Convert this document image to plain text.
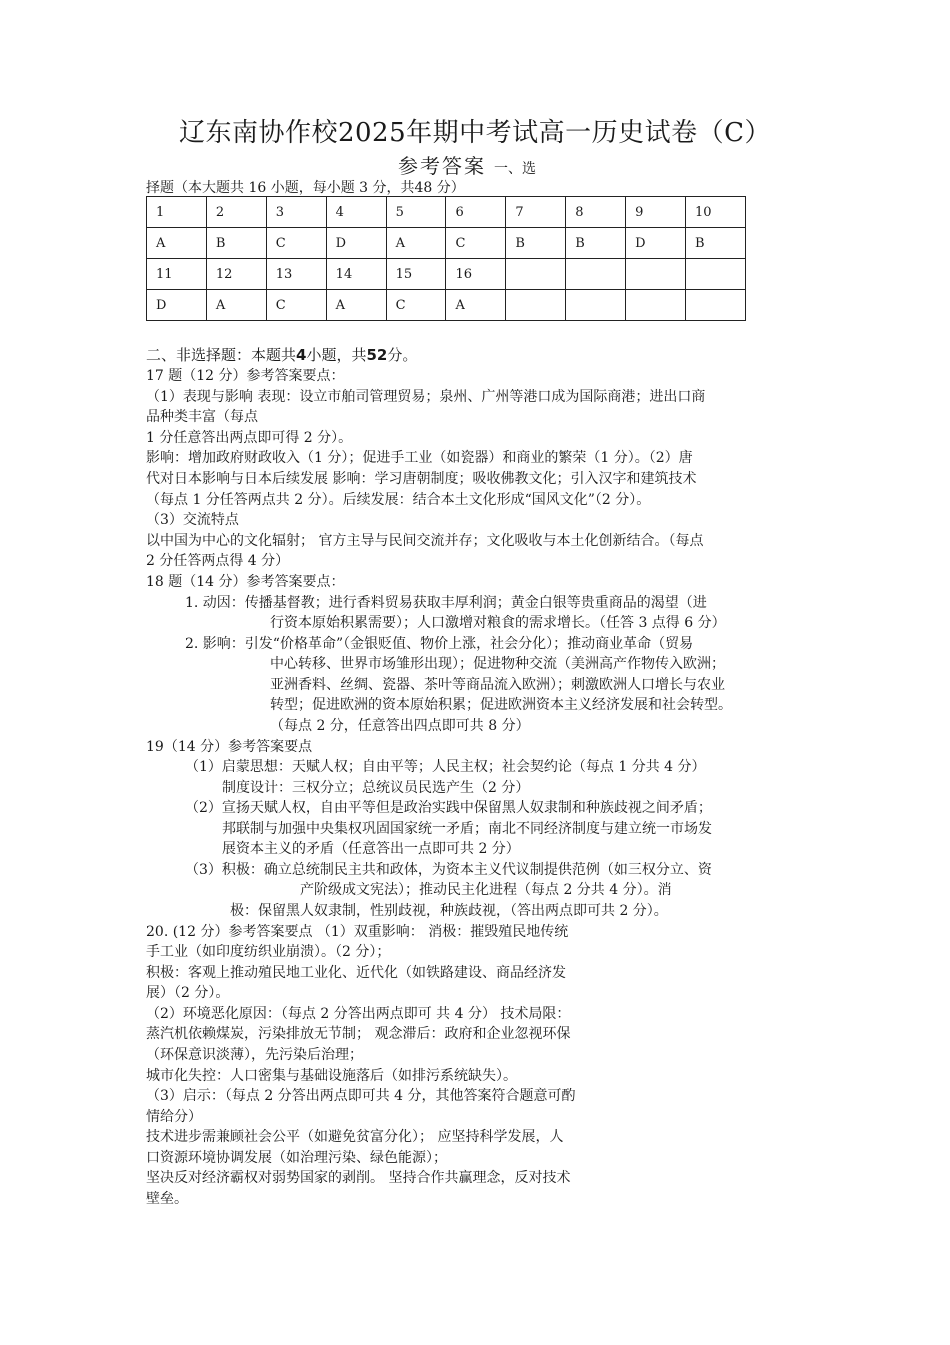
辽东南协作校2025年期中考试高一历史试卷（C）
参考答案 一、选
择题（本大题共 16 小题，每小题 3 分，共48 分）
1	2	3	4	5	6	7	8	9	10
A	B	C	D	A	C	B	B	D	B
11	12	13	14	15	16				
D	A	C	A	C	A				
二、非选择题：本题共4小题，共52分。
17 题（12 分）参考答案要点：
（1）表现与影响 表现：设立市舶司管理贸易；泉州、广州等港口成为国际商港；进出口商
品种类丰富（每点
1 分任意答出两点即可得 2 分）。
影响：增加政府财政收入（1 分）；促进手工业（如瓷器）和商业的繁荣（1 分）。（2）唐
代对日本影响与日本后续发展 影响：学习唐朝制度；吸收佛教文化；引入汉字和建筑技术
（每点 1 分任答两点共 2 分）。后续发展：结合本土文化形成“国风文化”（2 分）。
（3）交流特点
以中国为中心的文化辐射； 官方主导与民间交流并存；文化吸收与本土化创新结合。（每点
2 分任答两点得 4 分）
18 题（14 分）参考答案要点：
1. 动因：传播基督教；进行香料贸易获取丰厚利润；黄金白银等贵重商品的渴望（进
行资本原始积累需要）；人口激增对粮食的需求增长。（任答 3 点得 6 分）
2. 影响：引发“价格革命”（金银贬值、物价上涨，社会分化）；推动商业革命（贸易
中心转移、世界市场雏形出现）；促进物种交流（美洲高产作物传入欧洲；
亚洲香料、丝绸、瓷器、茶叶等商品流入欧洲）；刺激欧洲人口增长与农业
转型；促进欧洲的资本原始积累；促进欧洲资本主义经济发展和社会转型。
（每点 2 分，任意答出四点即可共 8 分）
19（14 分）参考答案要点
（1）启蒙思想：天赋人权；自由平等；人民主权；社会契约论（每点 1 分共 4 分）
制度设计：三权分立；总统议员民选产生（2 分）
（2）宣扬天赋人权，自由平等但是政治实践中保留黑人奴隶制和种族歧视之间矛盾；
邦联制与加强中央集权巩固国家统一矛盾；南北不同经济制度与建立统一市场发
展资本主义的矛盾（任意答出一点即可共 2 分）
（3）积极：确立总统制民主共和政体，为资本主义代议制提供范例（如三权分立、资
产阶级成文宪法）；推动民主化进程（每点 2 分共 4 分）。消
极：保留黑人奴隶制，性别歧视，种族歧视，（答出两点即可共 2 分）。
20. (12 分）参考答案要点 （1）双重影响： 消极：摧毁殖民地传统
手工业（如印度纺织业崩溃）。（2 分）；
积极：客观上推动殖民地工业化、近代化（如铁路建设、商品经济发
展）（2 分）。
（2）环境恶化原因：（每点 2 分答出两点即可 共 4 分） 技术局限：
蒸汽机依赖煤炭，污染排放无节制； 观念滞后：政府和企业忽视环保
（环保意识淡薄），先污染后治理；
城市化失控：人口密集与基础设施落后（如排污系统缺失）。
（3）启示：（每点 2 分答出两点即可共 4 分，其他答案符合题意可酌
情给分）
技术进步需兼顾社会公平（如避免贫富分化）； 应坚持科学发展，人
口资源环境协调发展（如治理污染、绿色能源）；
坚决反对经济霸权对弱势国家的剥削。 坚持合作共赢理念，反对技术
壁垒。
